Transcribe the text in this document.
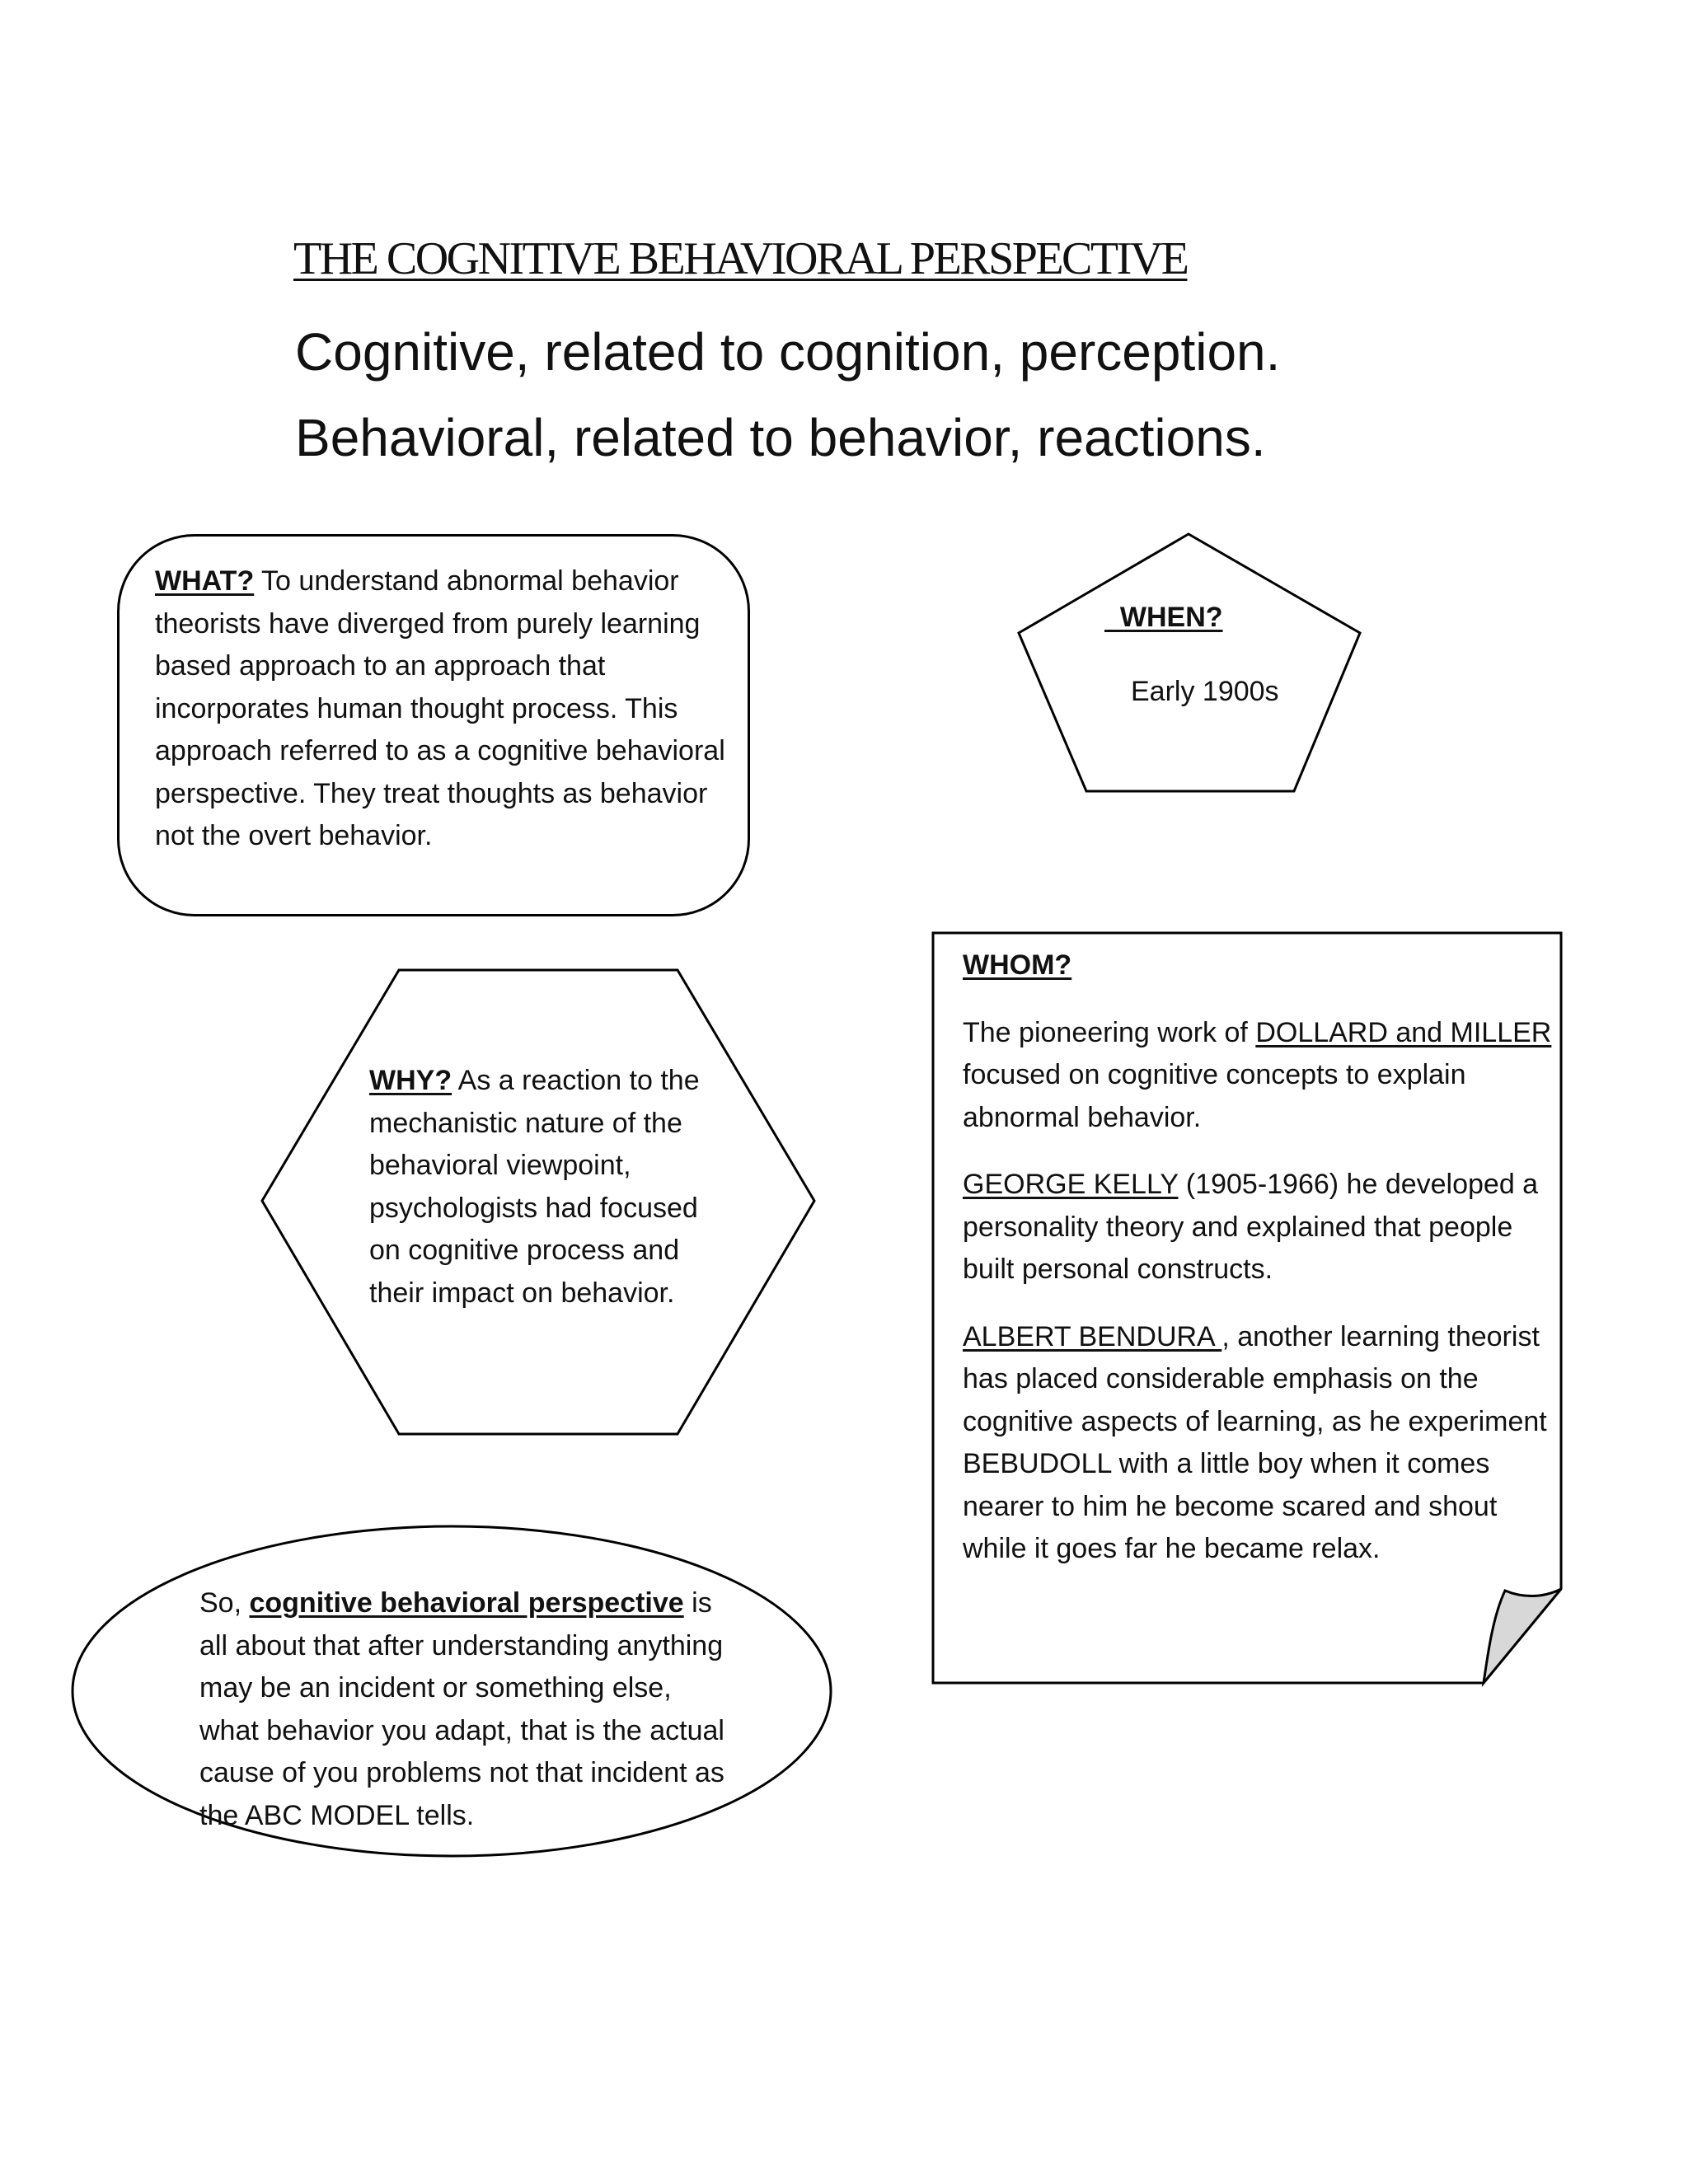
THE COGNITIVE BEHAVIORAL PERSPECTIVE
Cognitive, related to cognition, perception.
Behavioral, related to behavior, reactions.
WHAT? To understand abnormal behavior theorists have diverged from purely learning based approach to an approach that incorporates human thought process. This approach referred to as a cognitive behavioral perspective. They treat thoughts as behavior not the overt behavior.
WHEN?
Early 1900s
WHY? As a reaction to the mechanistic nature of the behavioral viewpoint, psychologists had focused on cognitive process and their impact on behavior.

WHOM?

The pioneering work of DOLLARD and MILLER focused on cognitive concepts to explain abnormal behavior.

GEORGE KELLY (1905-1966) he developed a personality theory and explained that people built personal constructs.

ALBERT BENDURA , another learning theorist has placed considerable emphasis on the cognitive aspects of learning, as he experiment BEBUDOLL with a little boy when it comes nearer to him he become scared and shout while it goes far he became relax.

So, cognitive behavioral perspective is all about that after understanding anything may be an incident or something else, what behavior you adapt, that is the actual cause of you problems not that incident as the ABC MODEL tells.
